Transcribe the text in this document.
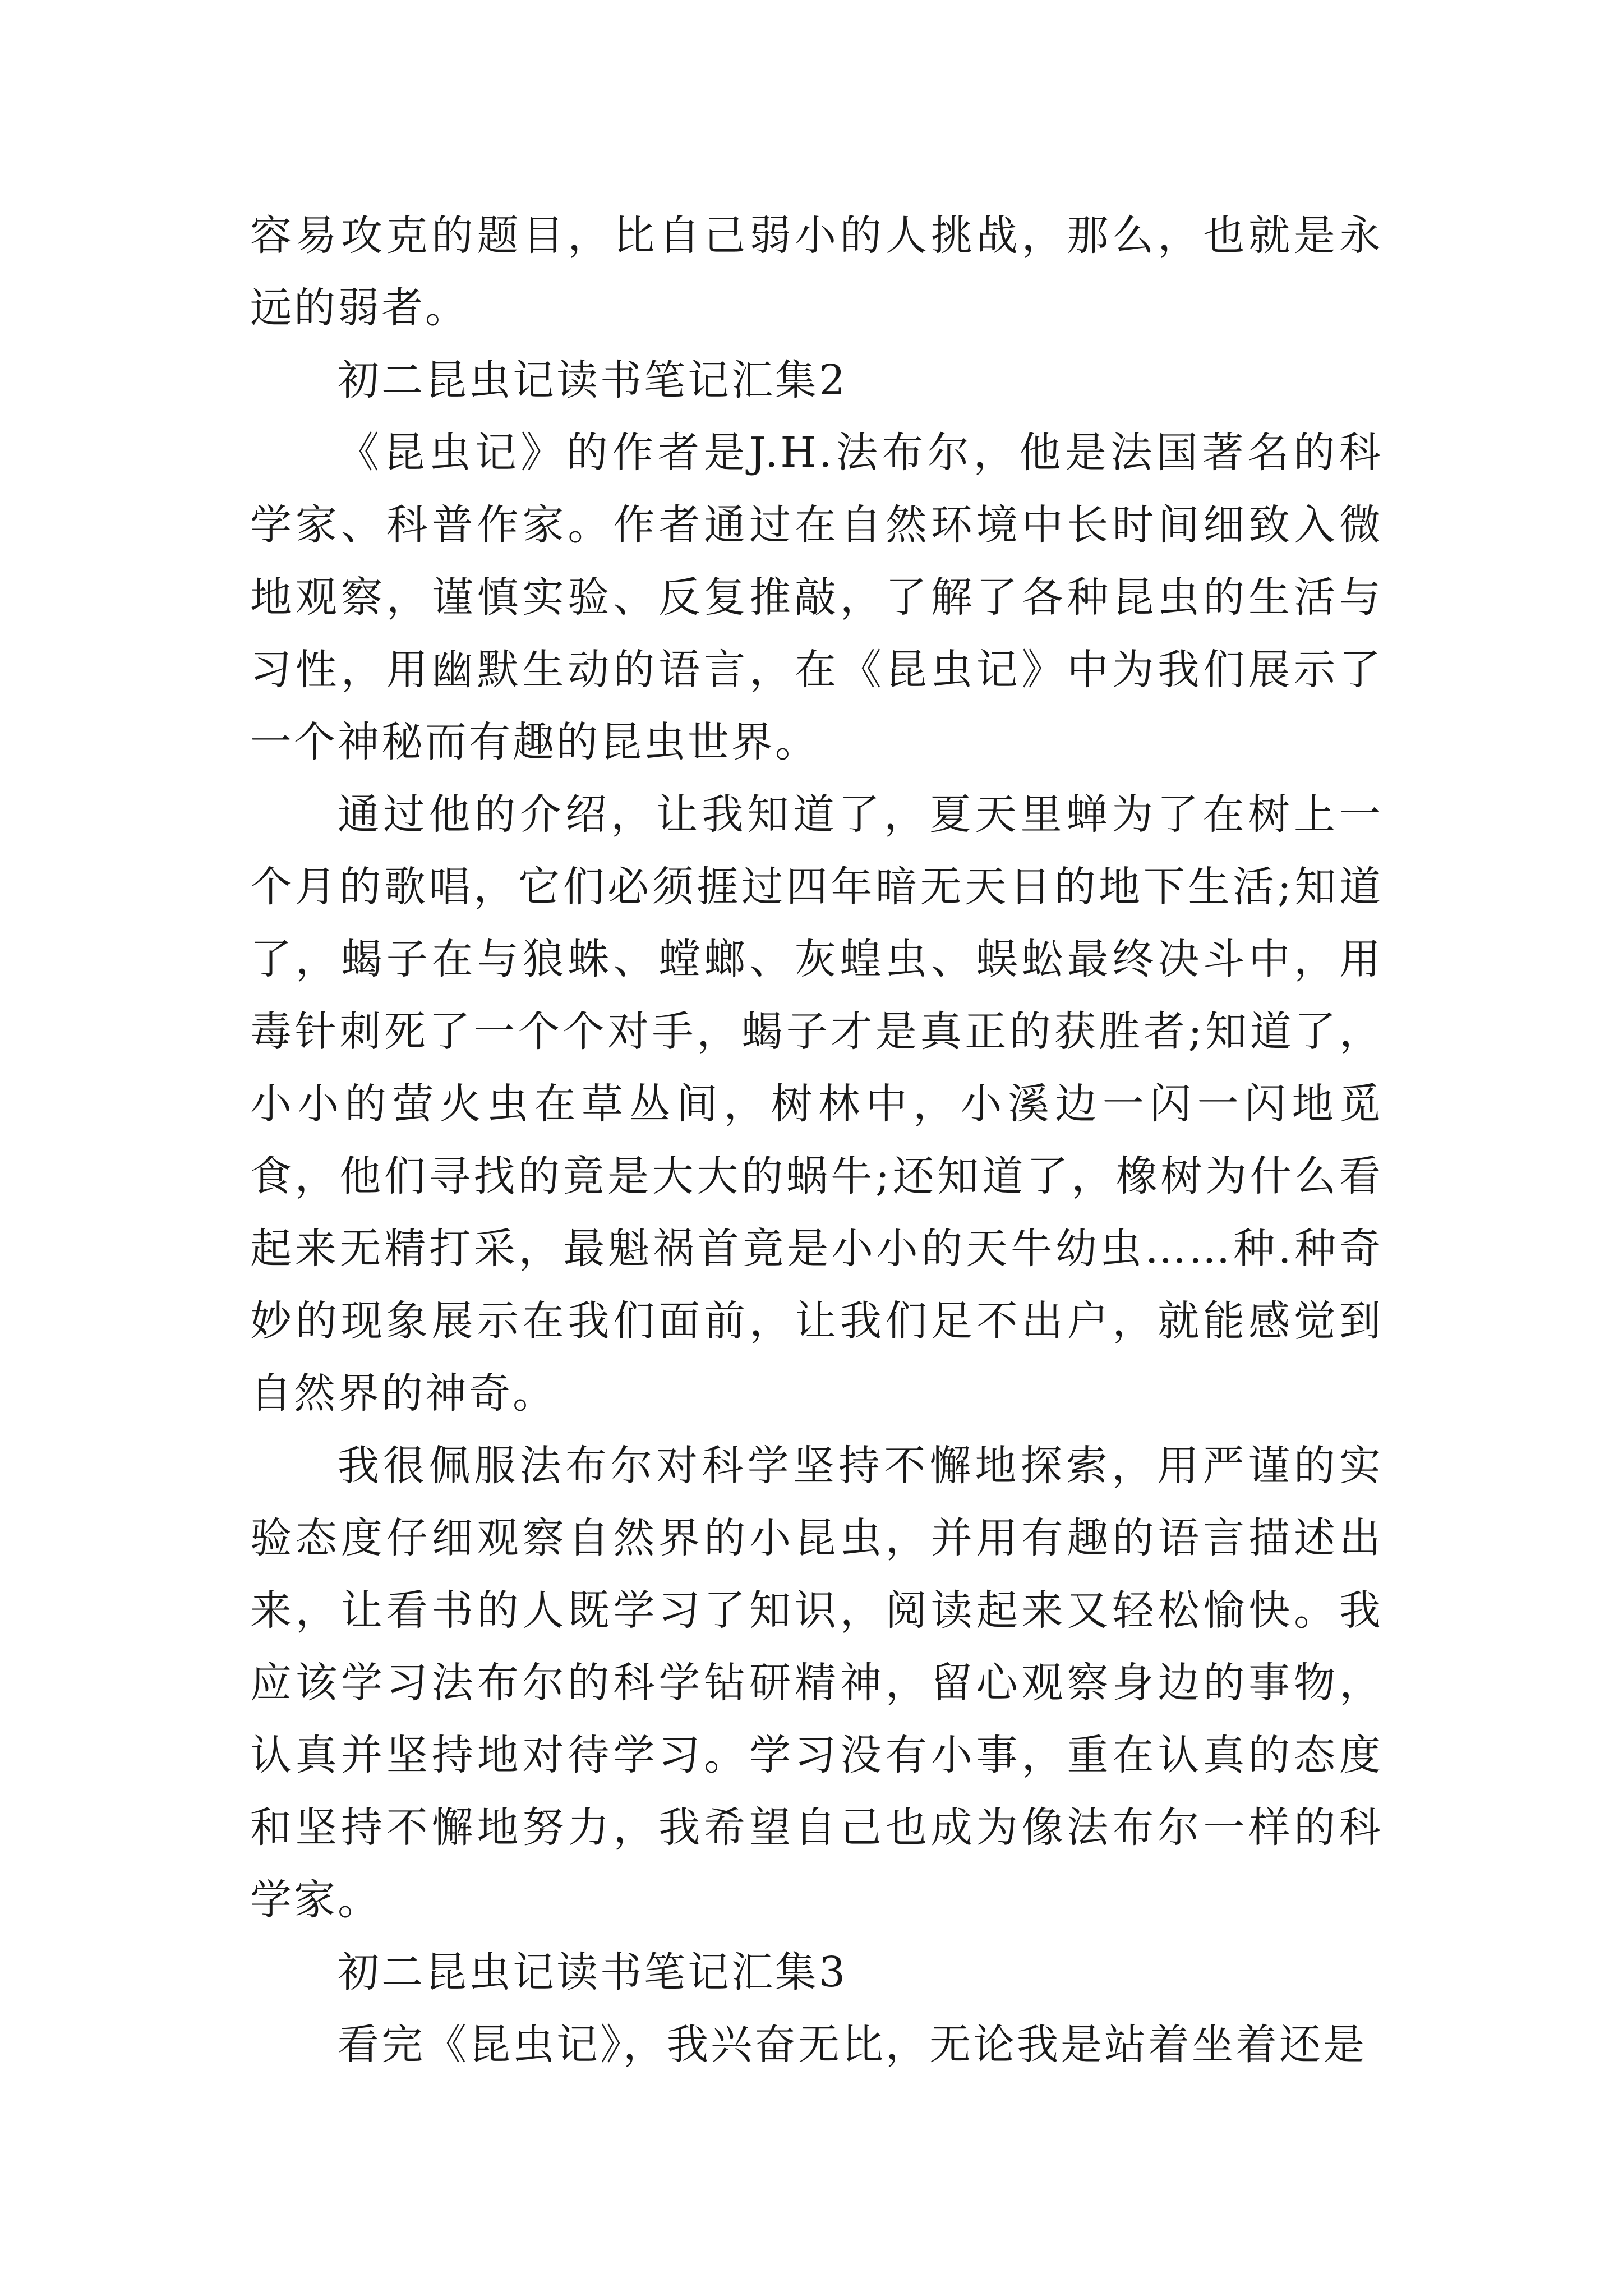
容易攻克的题目，比自己弱小的人挑战，那么，也就是永远的弱者。

初二昆虫记读书笔记汇集2

《昆虫记》的作者是J.H.法布尔，他是法国著名的科学家、科普作家。作者通过在自然环境中长时间细致入微地观察，谨慎实验、反复推敲，了解了各种昆虫的生活与习性，用幽默生动的语言，在《昆虫记》中为我们展示了一个神秘而有趣的昆虫世界。

通过他的介绍，让我知道了，夏天里蝉为了在树上一个月的歌唱，它们必须捱过四年暗无天日的地下生活;知道了，蝎子在与狼蛛、螳螂、灰蝗虫、蜈蚣最终决斗中，用毒针刺死了一个个对手，蝎子才是真正的获胜者;知道了，小小的萤火虫在草丛间，树林中，小溪边一闪一闪地觅食，他们寻找的竟是大大的蜗牛;还知道了，橡树为什么看起来无精打采，最魁祸首竟是小小的天牛幼虫……种.种奇妙的现象展示在我们面前，让我们足不出户，就能感觉到自然界的神奇。

我很佩服法布尔对科学坚持不懈地探索，用严谨的实验态度仔细观察自然界的小昆虫，并用有趣的语言描述出来，让看书的人既学习了知识，阅读起来又轻松愉快。我应该学习法布尔的科学钻研精神，留心观察身边的事物，认真并坚持地对待学习。学习没有小事，重在认真的态度和坚持不懈地努力，我希望自己也成为像法布尔一样的科学家。

初二昆虫记读书笔记汇集3

看完《昆虫记》，我兴奋无比，无论我是站着坐着还是
